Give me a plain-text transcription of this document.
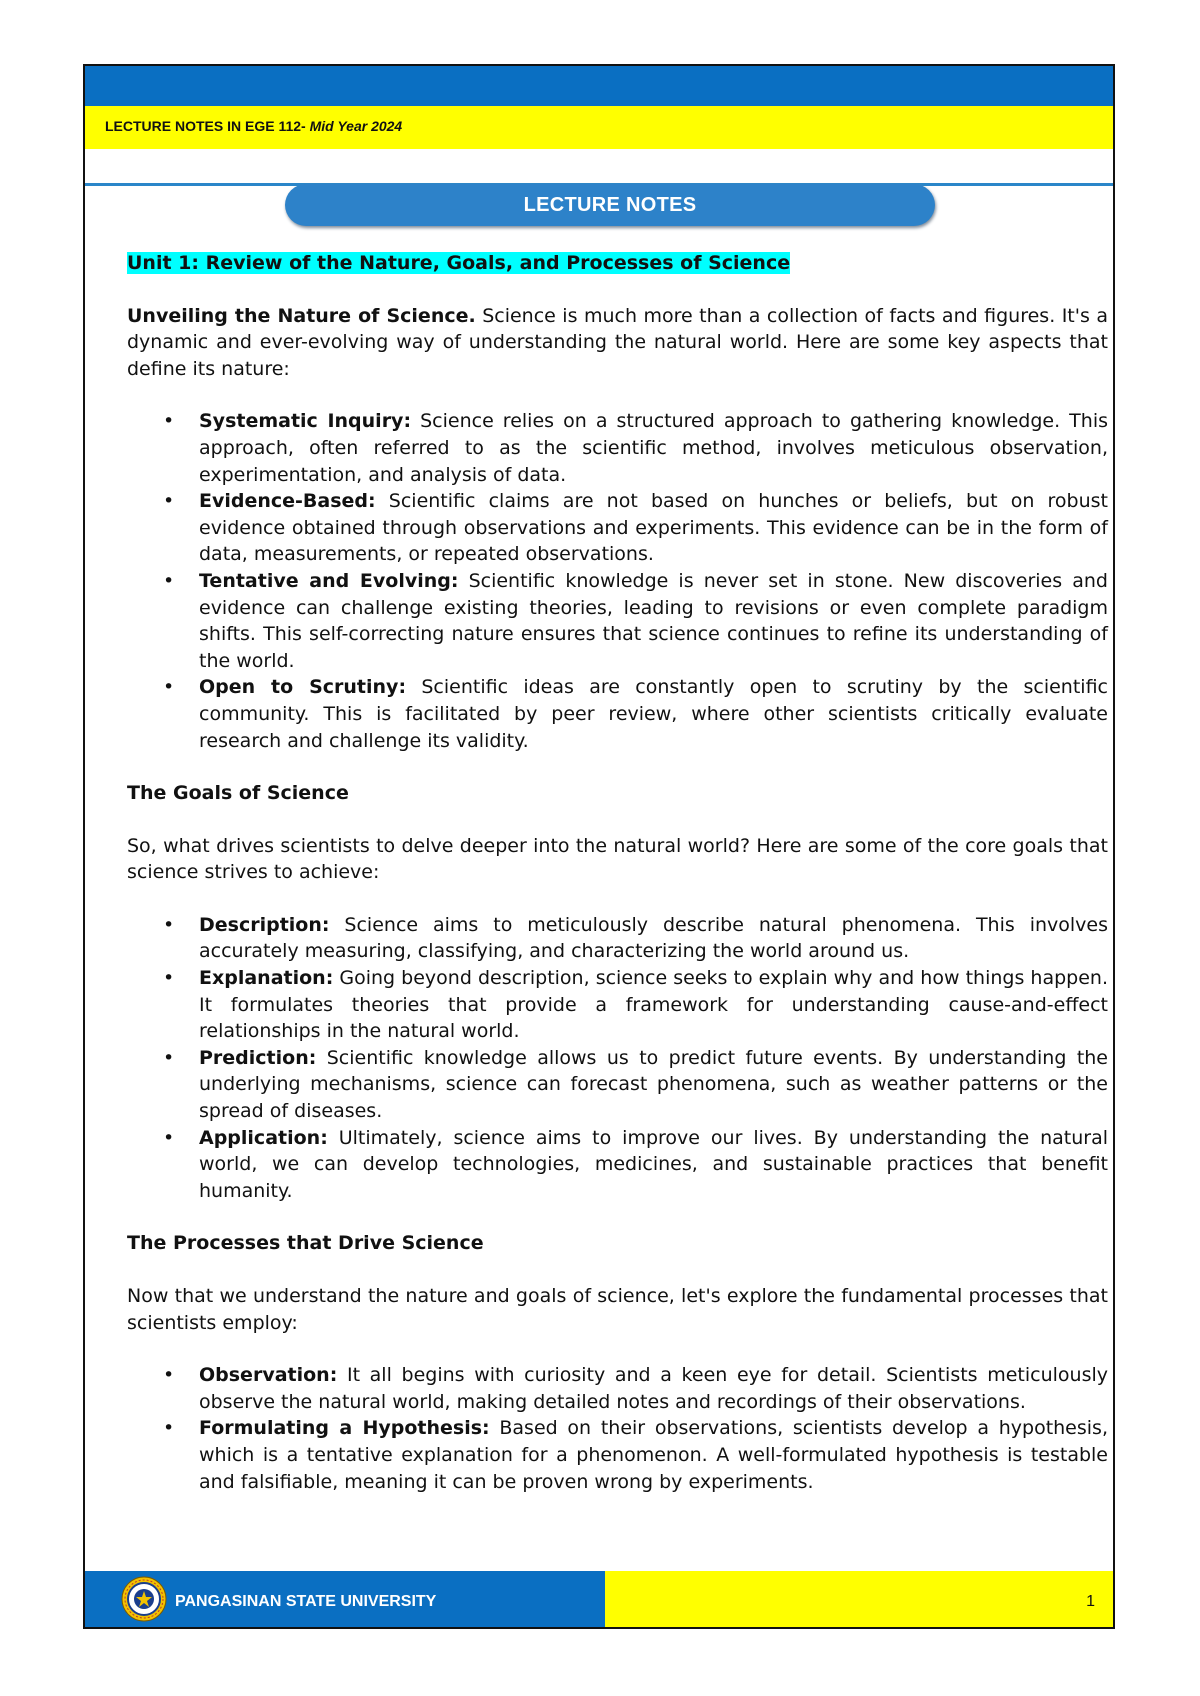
LECTURE NOTES IN EGE 112- Mid Year 2024
LECTURE NOTES

Unit 1: Review of the Nature, Goals, and Processes of Science

Unveiling the Nature of Science. Science is much more than a collection of facts and figures. It's a dynamic and ever-evolving way of understanding the natural world. Here are some key aspects that define its nature:

• Systematic Inquiry: Science relies on a structured approach to gathering knowledge. This approach, often referred to as the scientific method, involves meticulous observation, experimentation, and analysis of data.
• Evidence-Based: Scientific claims are not based on hunches or beliefs, but on robust evidence obtained through observations and experiments. This evidence can be in the form of data, measurements, or repeated observations.
• Tentative and Evolving: Scientific knowledge is never set in stone. New discoveries and evidence can challenge existing theories, leading to revisions or even complete paradigm shifts. This self-correcting nature ensures that science continues to refine its understanding of the world.
• Open to Scrutiny: Scientific ideas are constantly open to scrutiny by the scientific community. This is facilitated by peer review, where other scientists critically evaluate research and challenge its validity.

The Goals of Science

So, what drives scientists to delve deeper into the natural world? Here are some of the core goals that science strives to achieve:

• Description: Science aims to meticulously describe natural phenomena. This involves accurately measuring, classifying, and characterizing the world around us.
• Explanation: Going beyond description, science seeks to explain why and how things happen. It formulates theories that provide a framework for understanding cause-and-effect relationships in the natural world.
• Prediction: Scientific knowledge allows us to predict future events. By understanding the underlying mechanisms, science can forecast phenomena, such as weather patterns or the spread of diseases.
• Application: Ultimately, science aims to improve our lives. By understanding the natural world, we can develop technologies, medicines, and sustainable practices that benefit humanity.

The Processes that Drive Science

Now that we understand the nature and goals of science, let's explore the fundamental processes that scientists employ:

• Observation: It all begins with curiosity and a keen eye for detail. Scientists meticulously observe the natural world, making detailed notes and recordings of their observations.
• Formulating a Hypothesis: Based on their observations, scientists develop a hypothesis, which is a tentative explanation for a phenomenon. A well-formulated hypothesis is testable and falsifiable, meaning it can be proven wrong by experiments.
PANGASINAN STATE UNIVERSITY	1
